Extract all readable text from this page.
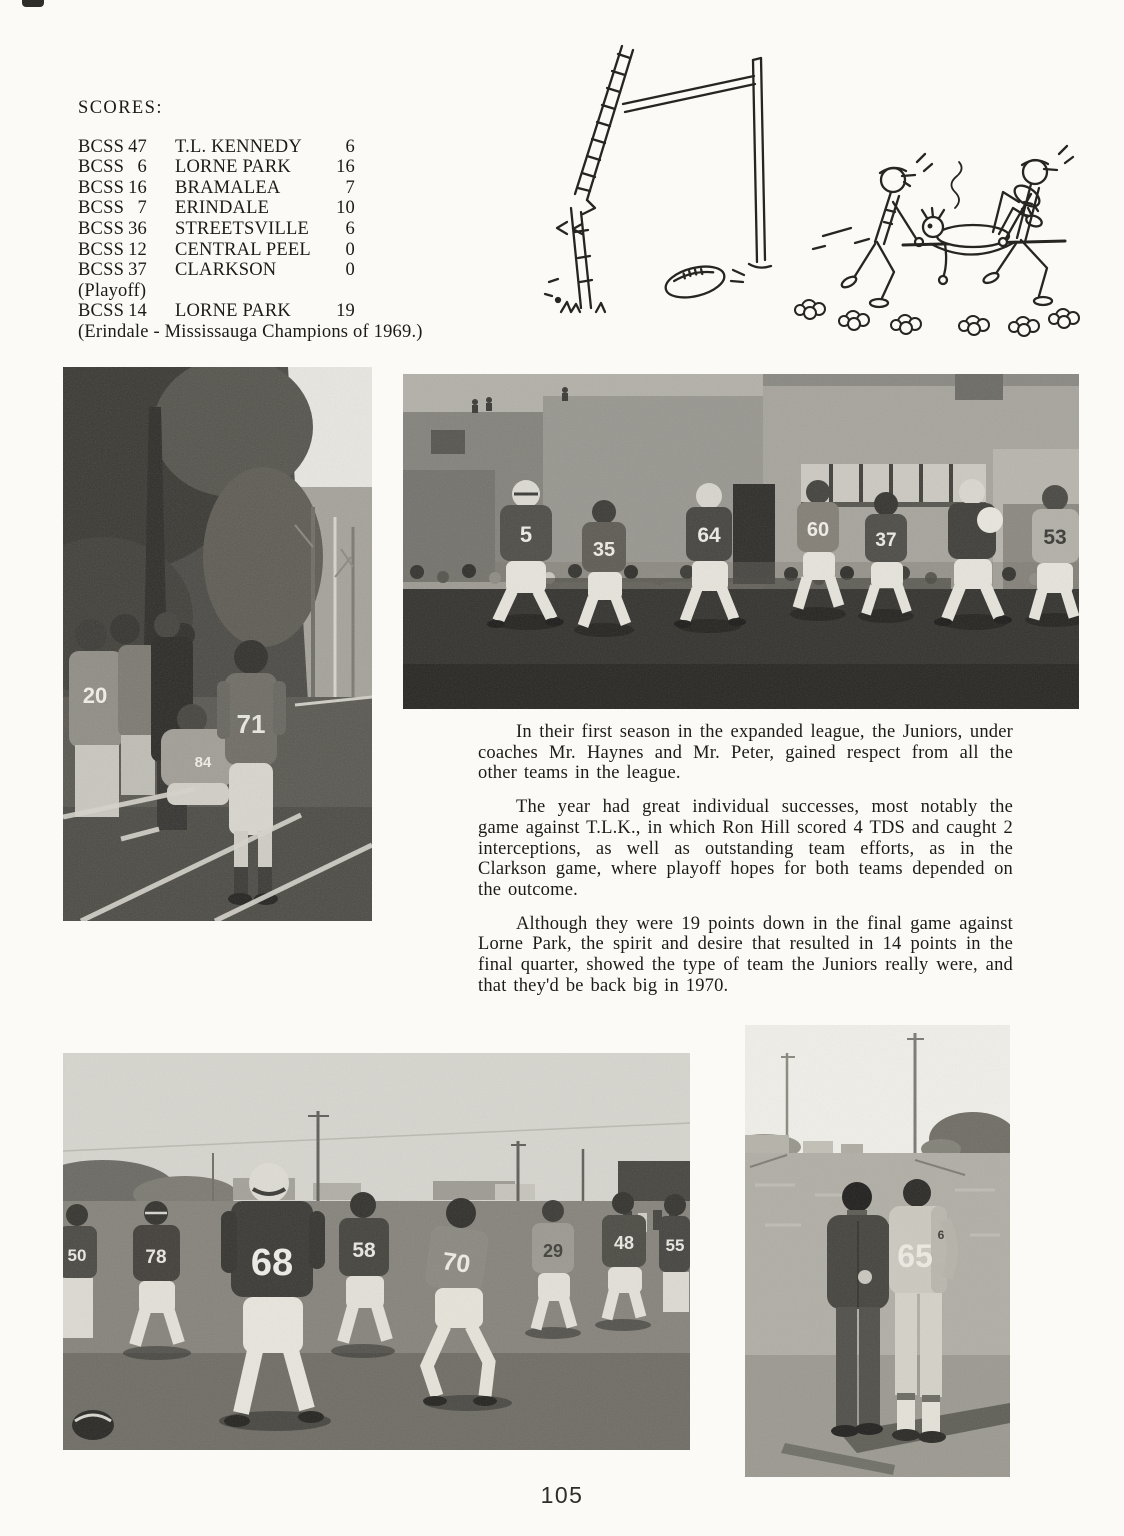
SCORES:

BCSS 47 T.L. KENNEDY 6
BCSS 6 LORNE PARK 16
BCSS 16 BRAMALEA	7
BCSS 7 ERINDALE	10
BCSS 36 STREETSVILLE 6
BCSS 12 CENTRAL PEEL 0
BCSS 37 CLARKSON	0
(Playoff)
BCSS 14 LORNE PARK 19
(Erindale - Mississauga Champions of 1969.)

In their first season in the expanded league, the Juniors, under coaches Mr. Haynes and Mr. Peter, gained respect from all the other teams in the league.

The year had great individual successes, most notably the game against T.L.K., in which Ron Hill scored 4 TDS and caught 2 interceptions, as well as outstanding team efforts, as in the Clarkson game, where playoff hopes for both teams depended on the outcome.

Although they were 19 points down in the final game against Lorne Park, the spirit and desire that resulted in 14 points in the final quarter, showed the type of team the Juniors really were, and that they'd be back big in 1970.

105
